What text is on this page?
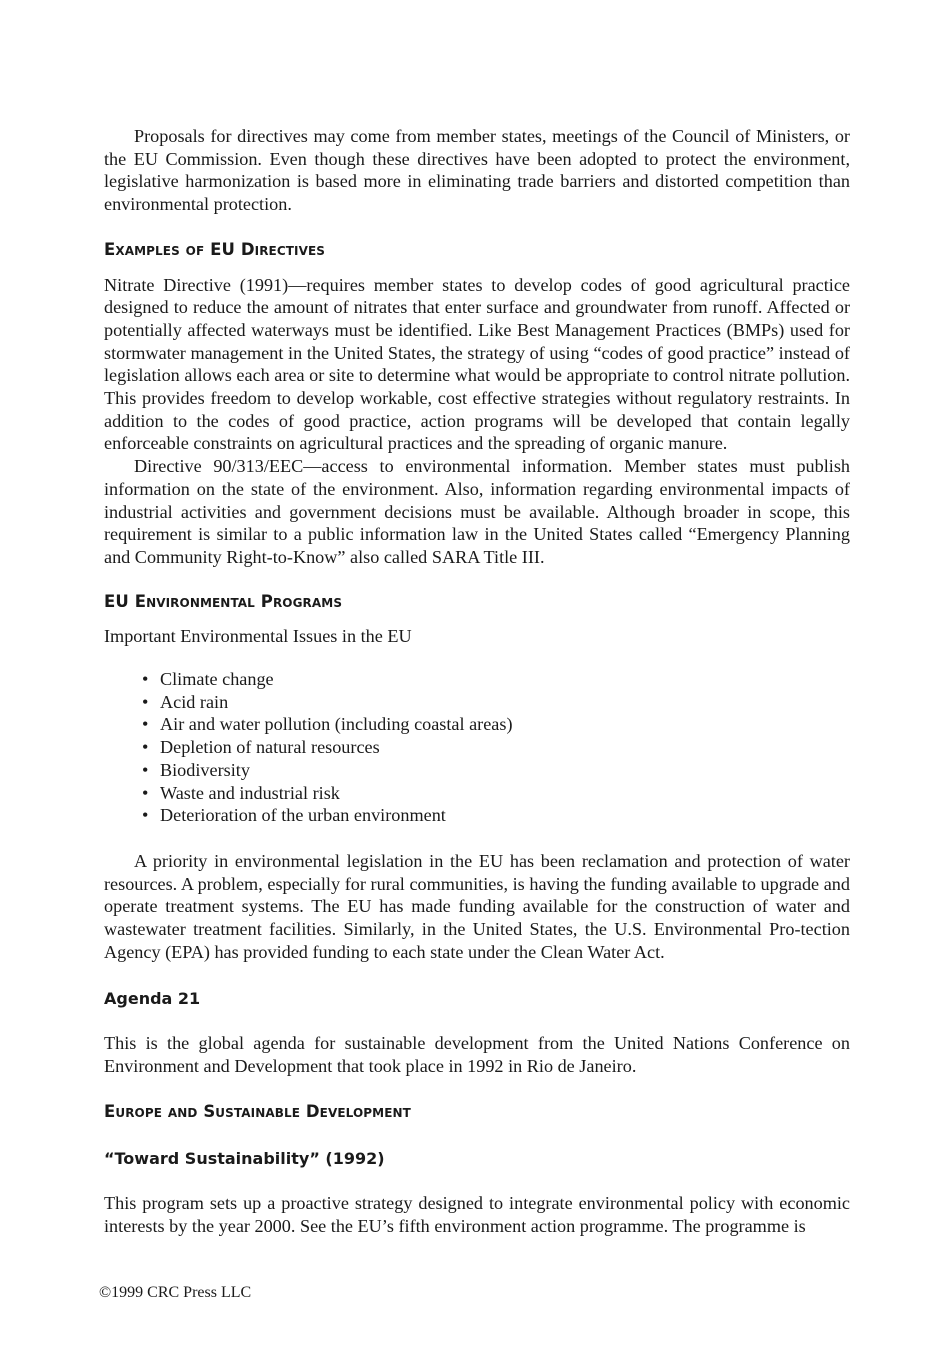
Proposals for directives may come from member states, meetings of the Council of Ministers, or the EU Commission. Even though these directives have been adopted to protect the environment, legislative harmonization is based more in eliminating trade barriers and distorted competition than environmental protection.

Examples of EU Directives

Nitrate Directive (1991)—requires member states to develop codes of good agricultural practice designed to reduce the amount of nitrates that enter surface and groundwater from runoff. Affected or potentially affected waterways must be identified. Like Best Management Practices (BMPs) used for stormwater management in the United States, the strategy of using “codes of good practice” instead of legislation allows each area or site to determine what would be appropriate to control nitrate pollution. This provides freedom to develop workable, cost effective strategies without regulatory restraints. In addition to the codes of good practice, action programs will be developed that contain legally enforceable constraints on agricultural practices and the spreading of organic manure.

Directive 90/313/EEC—access to environmental information. Member states must publish information on the state of the environment. Also, information regarding environmental impacts of industrial activities and government decisions must be available. Although broader in scope, this requirement is similar to a public information law in the United States called “Emergency Planning and Community Right-to-Know” also called SARA Title III.

EU Environmental Programs

Important Environmental Issues in the EU

• Climate change
• Acid rain
• Air and water pollution (including coastal areas)
• Depletion of natural resources
• Biodiversity
• Waste and industrial risk
• Deterioration of the urban environment

A priority in environmental legislation in the EU has been reclamation and protection of water resources. A problem, especially for rural communities, is having the funding available to upgrade and operate treatment systems. The EU has made funding available for the construction of water and wastewater treatment facilities. Similarly, in the United States, the U.S. Environmental Pro-tection Agency (EPA) has provided funding to each state under the Clean Water Act.

Agenda 21

This is the global agenda for sustainable development from the United Nations Conference on Environment and Development that took place in 1992 in Rio de Janeiro.

Europe and Sustainable Development
“Toward Sustainability” (1992)

This program sets up a proactive strategy designed to integrate environmental policy with economic interests by the year 2000. See the EU’s fifth environment action programme. The programme is

©1999 CRC Press LLC
